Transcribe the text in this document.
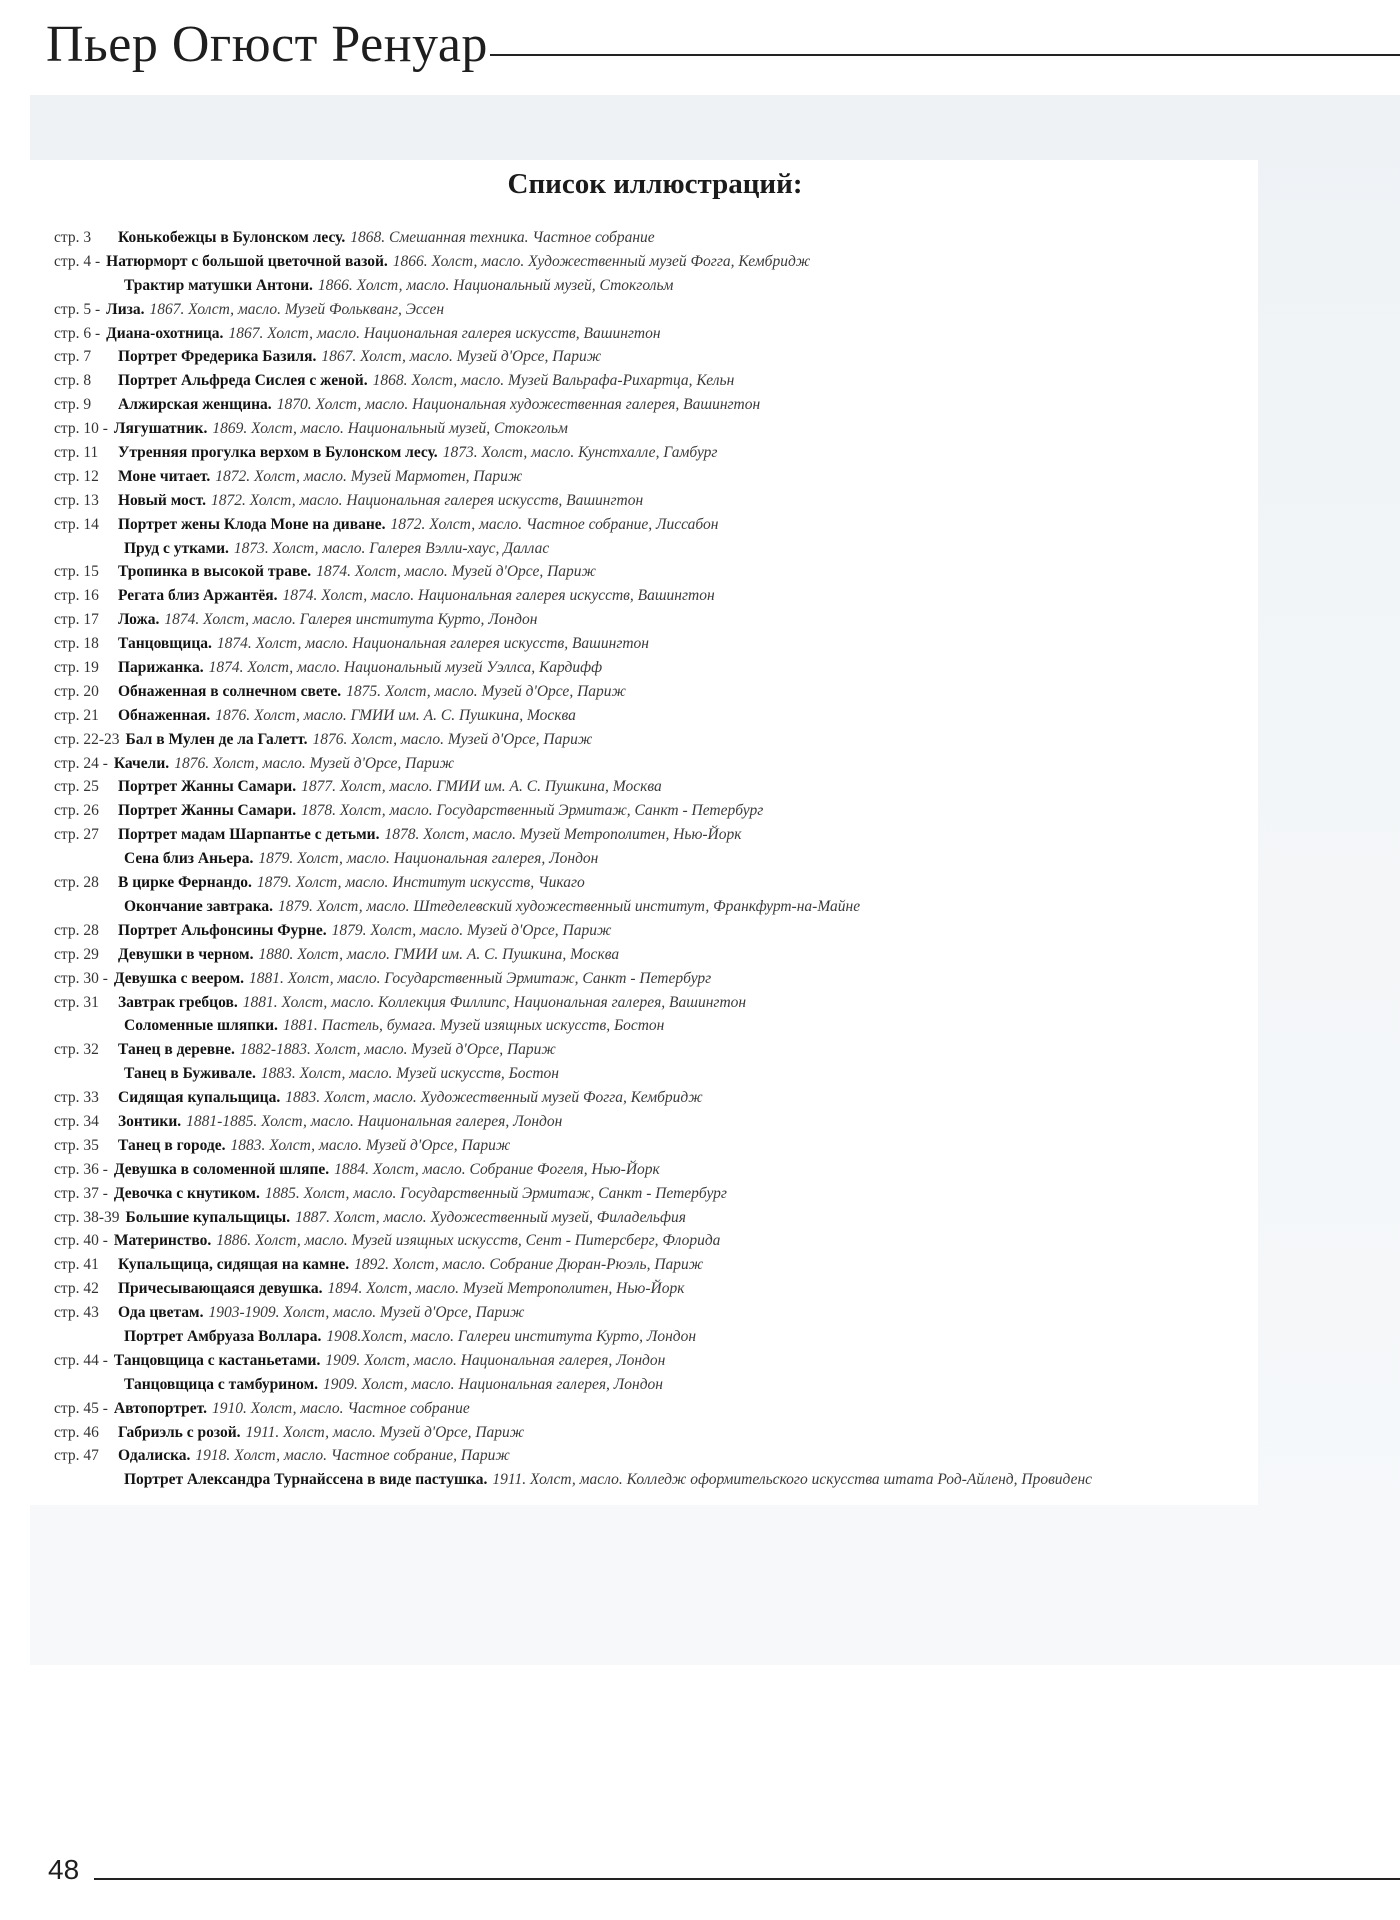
Пьер Огюст Ренуар
Список иллюстраций:
стр. 3	Конькобежцы в Булонском лесу. 1868. Смешанная техника. Частное собрание
стр. 4 - Натюрморт с большой цветочной вазой. 1866. Холст, масло. Художественный музей Фогга, Кембридж
Трактир матушки Антони. 1866. Холст, масло. Национальный музей, Стокгольм
стр. 5 - Лиза. 1867. Холст, масло. Музей Фолькванг, Эссен
стр. 6 - Диана-охотница. 1867. Холст, масло. Национальная галерея искусств, Вашингтон
стр. 7	Портрет Фредерика Базиля. 1867. Холст, масло. Музей д'Орсе, Париж
стр. 8	Портрет Альфреда Сислея с женой. 1868. Холст, масло. Музей Вальрафа-Рихартца, Кельн
стр. 9	Алжирская женщина. 1870. Холст, масло. Национальная художественная галерея, Вашингтон
стр. 10 - Лягушатник. 1869. Холст, масло. Национальный музей, Стокгольм
стр. 11	Утренняя прогулка верхом в Булонском лесу. 1873. Холст, масло. Кунстхалле, Гамбург
стр. 12	Моне читает. 1872. Холст, масло. Музей Мармотен, Париж
стр. 13	Новый мост. 1872. Холст, масло. Национальная галерея искусств, Вашингтон
стр. 14	Портрет жены Клода Моне на диване. 1872. Холст, масло. Частное собрание, Лиссабон
Пруд с утками. 1873. Холст, масло. Галерея Вэлли-хаус, Даллас
стр. 15	Тропинка в высокой траве. 1874. Холст, масло. Музей д'Орсе, Париж
стр. 16	Регата близ Аржантёя. 1874. Холст, масло. Национальная галерея искусств, Вашингтон
стр. 17	Ложа. 1874. Холст, масло. Галерея института Курто, Лондон
стр. 18	Танцовщица. 1874. Холст, масло. Национальная галерея искусств, Вашингтон
стр. 19	Парижанка. 1874. Холст, масло. Национальный музей Уэллса, Кардифф
стр. 20	Обнаженная в солнечном свете. 1875. Холст, масло. Музей д'Орсе, Париж
стр. 21	Обнаженная. 1876. Холст, масло. ГМИИ им. А. С. Пушкина, Москва
стр. 22-23 Бал в Мулен де ла Галетт. 1876. Холст, масло. Музей д'Орсе, Париж
стр. 24 - Качели. 1876. Холст, масло. Музей д'Орсе, Париж
стр. 25	Портрет Жанны Самари. 1877. Холст, масло. ГМИИ им. А. С. Пушкина, Москва
стр. 26	Портрет Жанны Самари. 1878. Холст, масло. Государственный Эрмитаж, Санкт - Петербург
стр. 27	Портрет мадам Шарпантье с детьми. 1878. Холст, масло. Музей Метрополитен, Нью-Йорк
Сена близ Аньера. 1879. Холст, масло. Национальная галерея, Лондон
стр. 28	В цирке Фернандо. 1879. Холст, масло. Институт искусств, Чикаго
Окончание завтрака. 1879. Холст, масло. Штеделевский художественный институт, Франкфурт-на-Майне
стр. 28	Портрет Альфонсины Фурне. 1879. Холст, масло. Музей д'Орсе, Париж
стр. 29	Девушки в черном. 1880. Холст, масло. ГМИИ им. А. С. Пушкина, Москва
стр. 30 - Девушка с веером. 1881. Холст, масло. Государственный Эрмитаж, Санкт - Петербург
стр. 31	Завтрак гребцов. 1881. Холст, масло. Коллекция Филлипс, Национальная галерея, Вашингтон
Соломенные шляпки. 1881. Пастель, бумага. Музей изящных искусств, Бостон
стр. 32	Танец в деревне. 1882-1883. Холст, масло. Музей д'Орсе, Париж
Танец в Буживале. 1883. Холст, масло. Музей искусств, Бостон
стр. 33	Сидящая купальщица. 1883. Холст, масло. Художественный музей Фогга, Кембридж
стр. 34	Зонтики. 1881-1885. Холст, масло. Национальная галерея, Лондон
стр. 35	Танец в городе. 1883. Холст, масло. Музей д'Орсе, Париж
стр. 36 - Девушка в соломенной шляпе. 1884. Холст, масло. Собрание Фогеля, Нью-Йорк
стр. 37 - Девочка с кнутиком. 1885. Холст, масло. Государственный Эрмитаж, Санкт - Петербург
стр. 38-39 Большие купальщицы. 1887. Холст, масло. Художественный музей, Филадельфия
стр. 40 - Материнство. 1886. Холст, масло. Музей изящных искусств, Сент - Питерсберг, Флорида
стр. 41	Купальщица, сидящая на камне. 1892. Холст, масло. Собрание Дюран-Рюэль, Париж
стр. 42	Причесывающаяся девушка. 1894. Холст, масло. Музей Метрополитен, Нью-Йорк
стр. 43	Ода цветам. 1903-1909. Холст, масло. Музей д'Орсе, Париж
Портрет Амбруаза Воллара. 1908.Холст, масло. Галереи института Курто, Лондон
стр. 44 - Танцовщица с кастаньетами. 1909. Холст, масло. Национальная галерея, Лондон
Танцовщица с тамбурином. 1909. Холст, масло. Национальная галерея, Лондон
стр. 45 - Автопортрет. 1910. Холст, масло. Частное собрание
стр. 46	Габриэль с розой. 1911. Холст, масло. Музей д'Орсе, Париж
стр. 47	Одалиска. 1918. Холст, масло. Частное собрание, Париж
Портрет Александра Турнайссена в виде пастушка. 1911. Холст, масло. Колледж оформительского искусства штата Род-Айленд, Провиденс
48
